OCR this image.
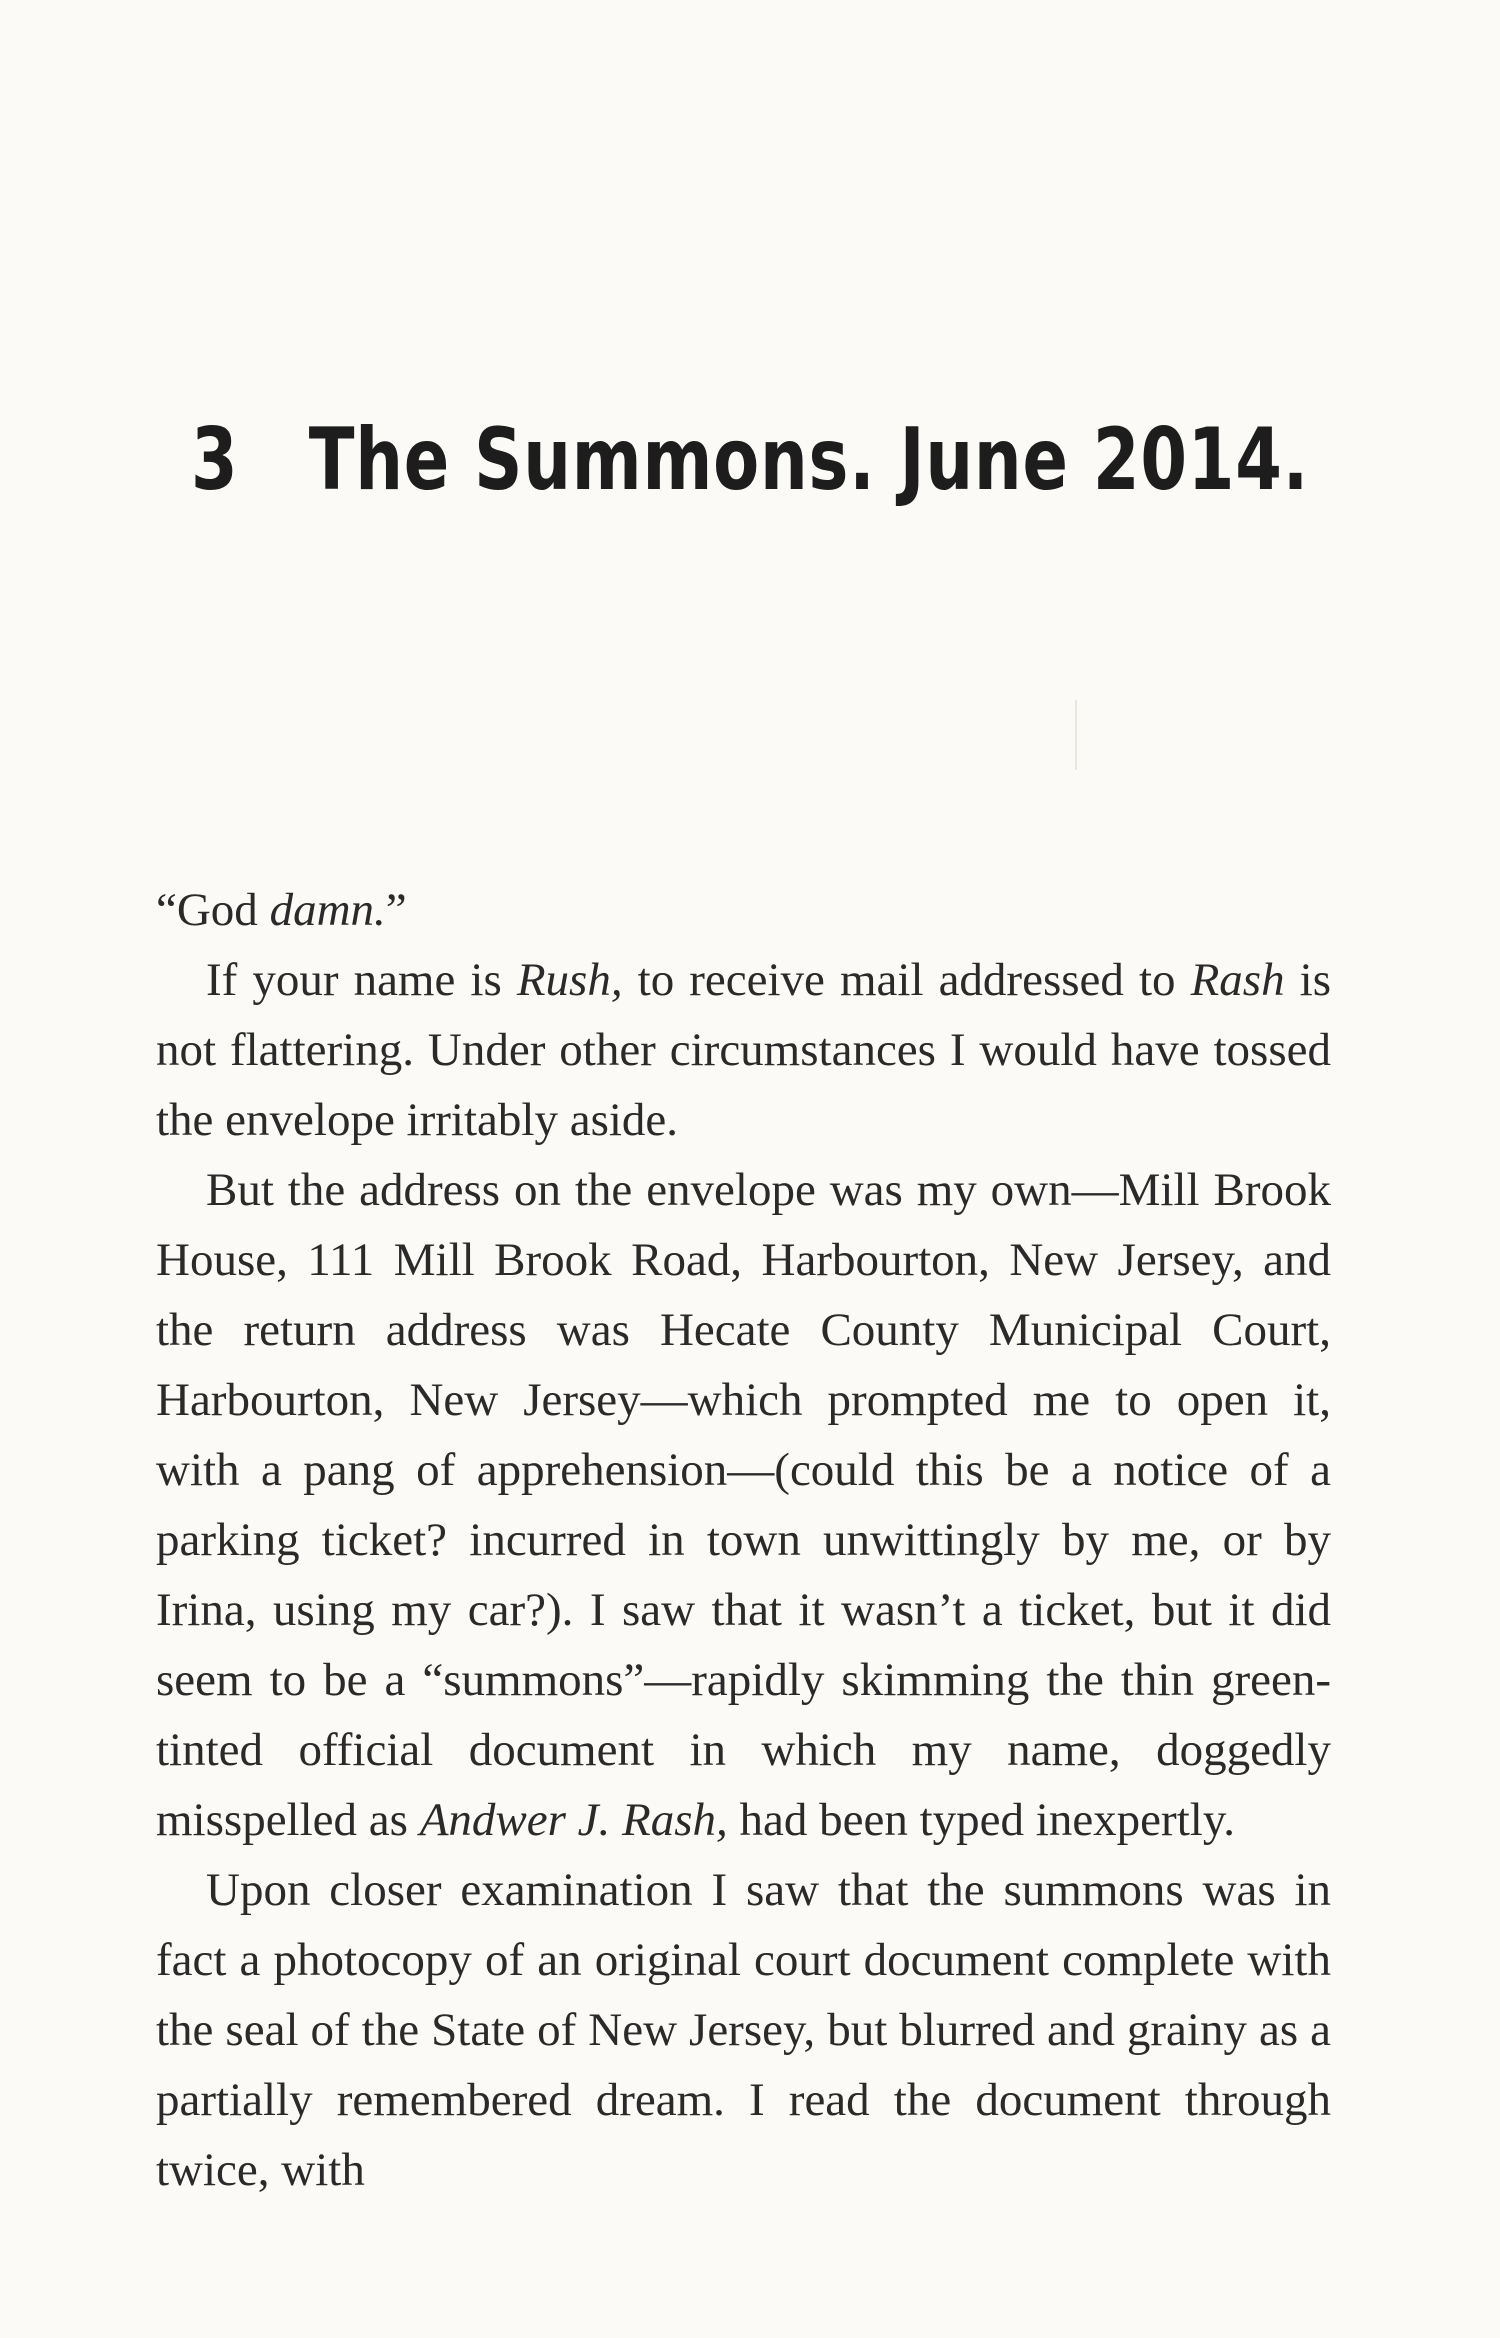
3 The Summons. June 2014.

“God damn.”

If your name is Rush, to receive mail addressed to Rash is not flattering. Under other circumstances I would have tossed the envelope irritably aside.

But the address on the envelope was my own—Mill Brook House, 111 Mill Brook Road, Harbourton, New Jersey, and the return address was Hecate County Municipal Court, Harbourton, New Jersey—which prompted me to open it, with a pang of apprehension—(could this be a notice of a parking ticket? incurred in town unwittingly by me, or by Irina, using my car?). I saw that it wasn’t a ticket, but it did seem to be a “summons”—rapidly skimming the thin green-tinted official document in which my name, doggedly misspelled as Andwer J. Rash, had been typed inexpertly.

Upon closer examination I saw that the summons was in fact a photocopy of an original court document complete with the seal of the State of New Jersey, but blurred and grainy as a partially remembered dream. I read the document through twice, with
